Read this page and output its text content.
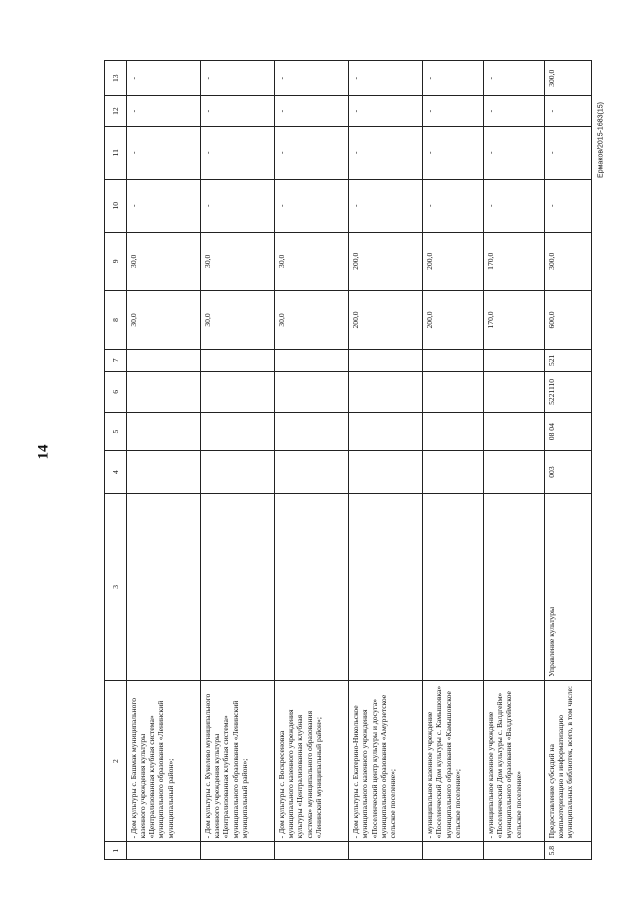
14
Ермаков/2015-1683(15)
1	2	3	4	5	6	7	8	9	10	11	12	13
	- Дом культуры с. Башмак муниципального казенного учреждения культуры «Централизованная клубная система» муниципального образования «Ленинский муниципальный район»;						30,0	30,0	-	-	-	-
	- Дом культуры с. Кукелево муниципального казенного учреждения культуры «Централизованная клубная система» муниципального образования «Ленинский муниципальный район»;						30,0	30,0	-	-	-	-
	- Дом культуры с. Воскресеновка муниципального казенного учреждения культуры «Централизованная клубная система» муниципального образования «Ленинский муниципальный район»;						30,0	30,0	-	-	-	-
	- Дом культуры с. Екатерино-Никольское муниципального казенного учреждения «Поселенческий центр культуры и досуга» муниципального образования «Амурзетское сельское поселение»;						200,0	200,0	-	-	-	-
	- муниципальное казенное учреждение «Поселенческий Дом культуры с. Камышовка» муниципального образования «Камышовское сельское поселение»;						200,0	200,0	-	-	-	-
	- муниципальное казенное учреждение «Поселенческий Дом культуры с. Валдгейм» муниципального образования «Валдгеймское сельское поселение»						170,0	170,0	-	-	-	-
5.8	Предоставление субсидий на компьютеризацию и информатизацию муниципальных библиотек, всего, в том числе:	Управление культуры	003	08 04	5221110	521	600,0	300,0	-	-	-	300,0
